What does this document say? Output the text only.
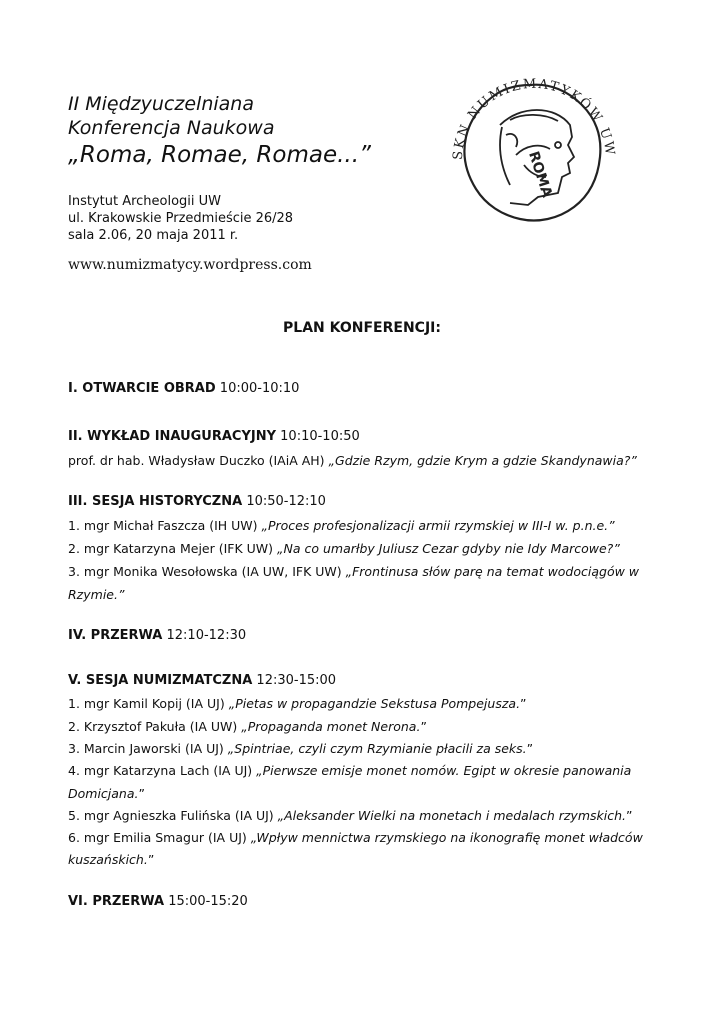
II Międzyuczelniana
Konferencja Naukowa
„Roma, Romae, Romae...”
Instytut Archeologii UW
ul. Krakowskie Przedmieście 26/28
sala 2.06, 20 maja 2011 r.
www.numizmatycy.wordpress.com
SKN NUMIZMATYKÓW UW
ROMA
PLAN KONFERENCJI:
I. OTWARCIE OBRAD 10:00-10:10
II. WYKŁAD INAUGURACYJNY 10:10-10:50
prof. dr hab. Władysław Duczko (IAiA AH) „Gdzie Rzym, gdzie Krym a gdzie Skandynawia?”
III. SESJA HISTORYCZNA 10:50-12:10
1. mgr Michał Faszcza (IH UW) „Proces profesjonalizacji armii rzymskiej w III-I w. p.n.e.”
2. mgr Katarzyna Mejer (IFK UW) „Na co umarłby Juliusz Cezar gdyby nie Idy Marcowe?”
3. mgr Monika Wesołowska (IA UW, IFK UW) „Frontinusa słów parę na temat wodociągów w
Rzymie.”
IV. PRZERWA 12:10-12:30
V. SESJA NUMIZMATCZNA 12:30-15:00
1. mgr Kamil Kopij (IA UJ) „Pietas w propagandzie Sekstusa Pompejusza.”
2. Krzysztof Pakuła (IA UW) „Propaganda monet Nerona.”
3. Marcin Jaworski (IA UJ) „Spintriae, czyli czym Rzymianie płacili za seks.”
4. mgr Katarzyna Lach (IA UJ) „Pierwsze emisje monet nomów. Egipt w okresie panowania
Domicjana.”
5. mgr Agnieszka Fulińska (IA UJ) „Aleksander Wielki na monetach i medalach rzymskich.”
6. mgr Emilia Smagur (IA UJ) „Wpływ mennictwa rzymskiego na ikonografię monet władców
kuszańskich.”
VI. PRZERWA 15:00-15:20
